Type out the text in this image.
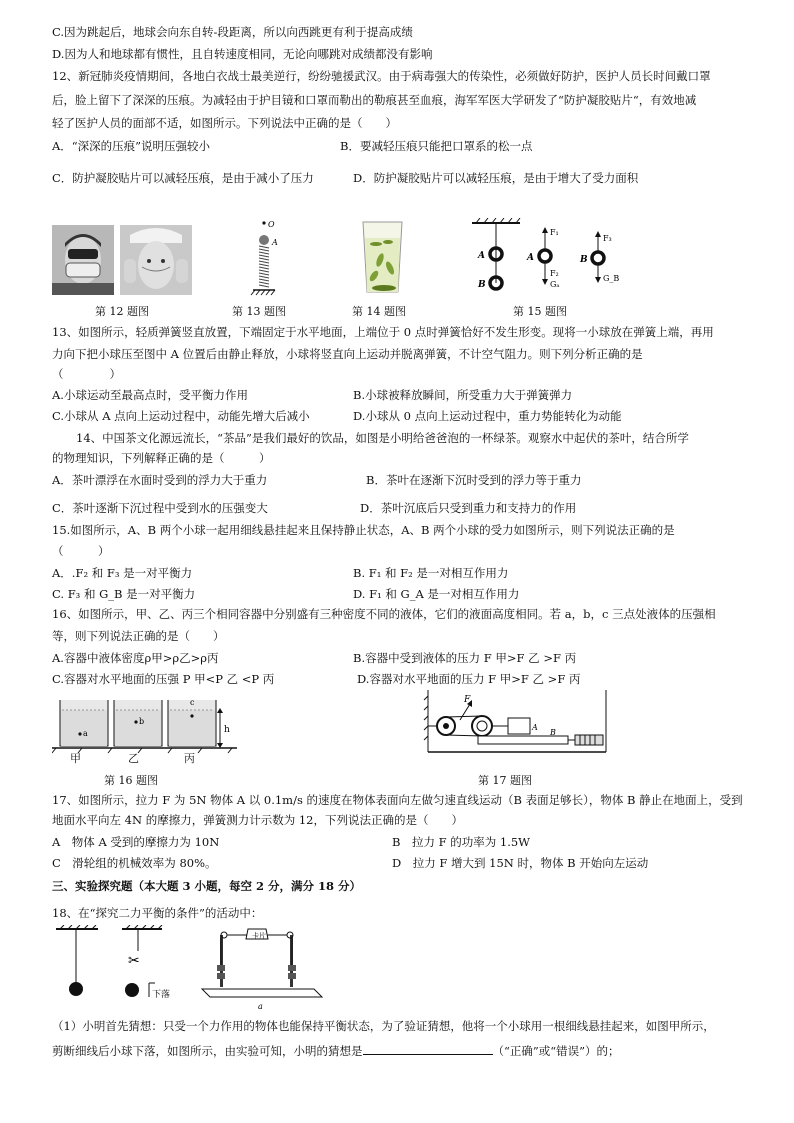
C.因为跳起后，地球会向东自转-段距离，所以向西跳更有利于提高成绩
D.因为人和地球都有惯性，且自转速度相同，无论向哪跳对成绩都没有影响
12、新冠肺炎疫情期间，各地白衣战士最美逆行，纷纷驰援武汉。由于病毒强大的传染性，必须做好防护，医护人员长时间戴口罩
后，脸上留下了深深的压痕。为减轻由于护目镜和口罩而勒出的勒痕甚至血痕，海军军医大学研发了“防护凝胶贴片“，有效地减
轻了医护人员的面部不适，如图所示。下列说法中正确的是（　　）
A．“深深的压痕”说明压强较小	B．要减轻压痕只能把口罩系的松一点
C．防护凝胶贴片可以减轻压痕，是由于减小了压力	D．防护凝胶贴片可以减轻压痕，是由于增大了受力面积
第 12 题图
O
A
第 13 题图	第 14 题图
A
B
A
F₁
F₂
Gₐ
B
F₃
G_B
第 15 题图
13、如图所示，轻质弹簧竖直放置，下端固定于水平地面，上端位于 0 点时弹簧恰好不发生形变。现将一小球放在弹簧上端，再用
力向下把小球压至图中 A 位置后由静止释放，小球将竖直向上运动并脱离弹簧，不计空气阻力。则下列分析正确的是
（　　　　）
A.小球运动至最高点时，受平衡力作用	B.小球被释放瞬间，所受重力大于弹簧弹力
C.小球从 A 点向上运动过程中，动能先增大后减小	D.小球从 0 点向上运动过程中，重力势能转化为动能
14、中国茶文化源远流长，“茶品”是我们最好的饮品，如图是小明给爸爸泡的一杯绿茶。观察水中起伏的茶叶，结合所学
的物理知识，下列解释正确的是（　　　）
A．茶叶漂浮在水面时受到的浮力大于重力	B．茶叶在逐渐下沉时受到的浮力等于重力
C．茶叶逐渐下沉过程中受到水的压强变大	D．茶叶沉底后只受到重力和支持力的作用
15.如图所示，A、B 两个小球一起用细线悬挂起来且保持静止状态，A、B 两个小球的受力如图所示，则下列说法正确的是
（　　　）
A．.F₂ 和 F₃ 是一对平衡力	B. F₁ 和 F₂ 是一对相互作用力
C. F₃ 和 G_B 是一对平衡力	D. F₁ 和 G_A 是一对相互作用力
16、如图所示，甲、乙、丙三个相同容器中分别盛有三种密度不同的液体，它们的液面高度相同。若 a，b，c 三点处液体的压强相
等，则下列说法正确的是（　　）
A.容器中液体密度ρ甲>ρ乙>ρ丙	B.容器中受到液体的压力 F 甲>F 乙 >F 丙
C.容器对水平地面的压强 P 甲<P 乙 <P 丙	D.容器对水平地面的压力 F 甲>F 乙 >F 丙
a
b
c
h
甲	乙	丙
第 16 题图
F
A
B
第 17 题图
17、如图所示，拉力 F 为 5N 物体 A 以 0.1m/s 的速度在物体表面向左做匀速直线运动（B 表面足够长），物体 B 静止在地面上，受到
地面水平向左 4N 的摩擦力，弹簧测力计示数为 12，下列说法正确的是（　　）
A　物体 A 受到的摩擦力为 10N	B　拉力 F 的功率为 1.5W
C　滑轮组的机械效率为 80%。	D　拉力 F 增大到 15N 时，物体 B 开始向左运动
三、实验探究题（本大题 3 小题，每空 2 分，满分 18 分）
18、在“探究二力平衡的条件”的活动中：
✂
下落
卡片
a
（1）小明首先猜想：只受一个力作用的物体也能保持平衡状态，为了验证猜想，他将一个小球用一根细线悬挂起来，如图甲所示，
剪断细线后小球下落，如图所示，由实验可知，小明的猜想是	（“正确”或“错误”）的；
